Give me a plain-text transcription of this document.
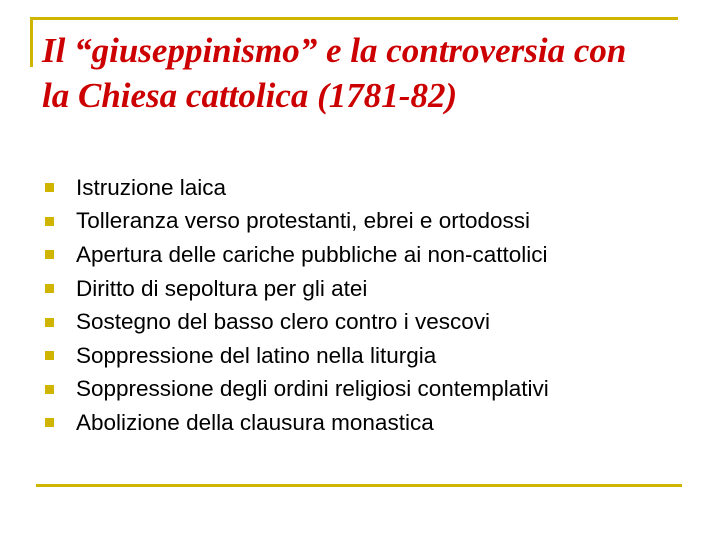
Il “giuseppinismo” e la controversia con
la Chiesa cattolica (1781-82)
Istruzione laica
Tolleranza verso protestanti, ebrei e ortodossi
Apertura delle cariche pubbliche ai non-cattolici
Diritto di sepoltura per gli atei
Sostegno del basso clero contro i vescovi
Soppressione del latino nella liturgia
Soppressione degli ordini religiosi contemplativi
Abolizione della clausura monastica
